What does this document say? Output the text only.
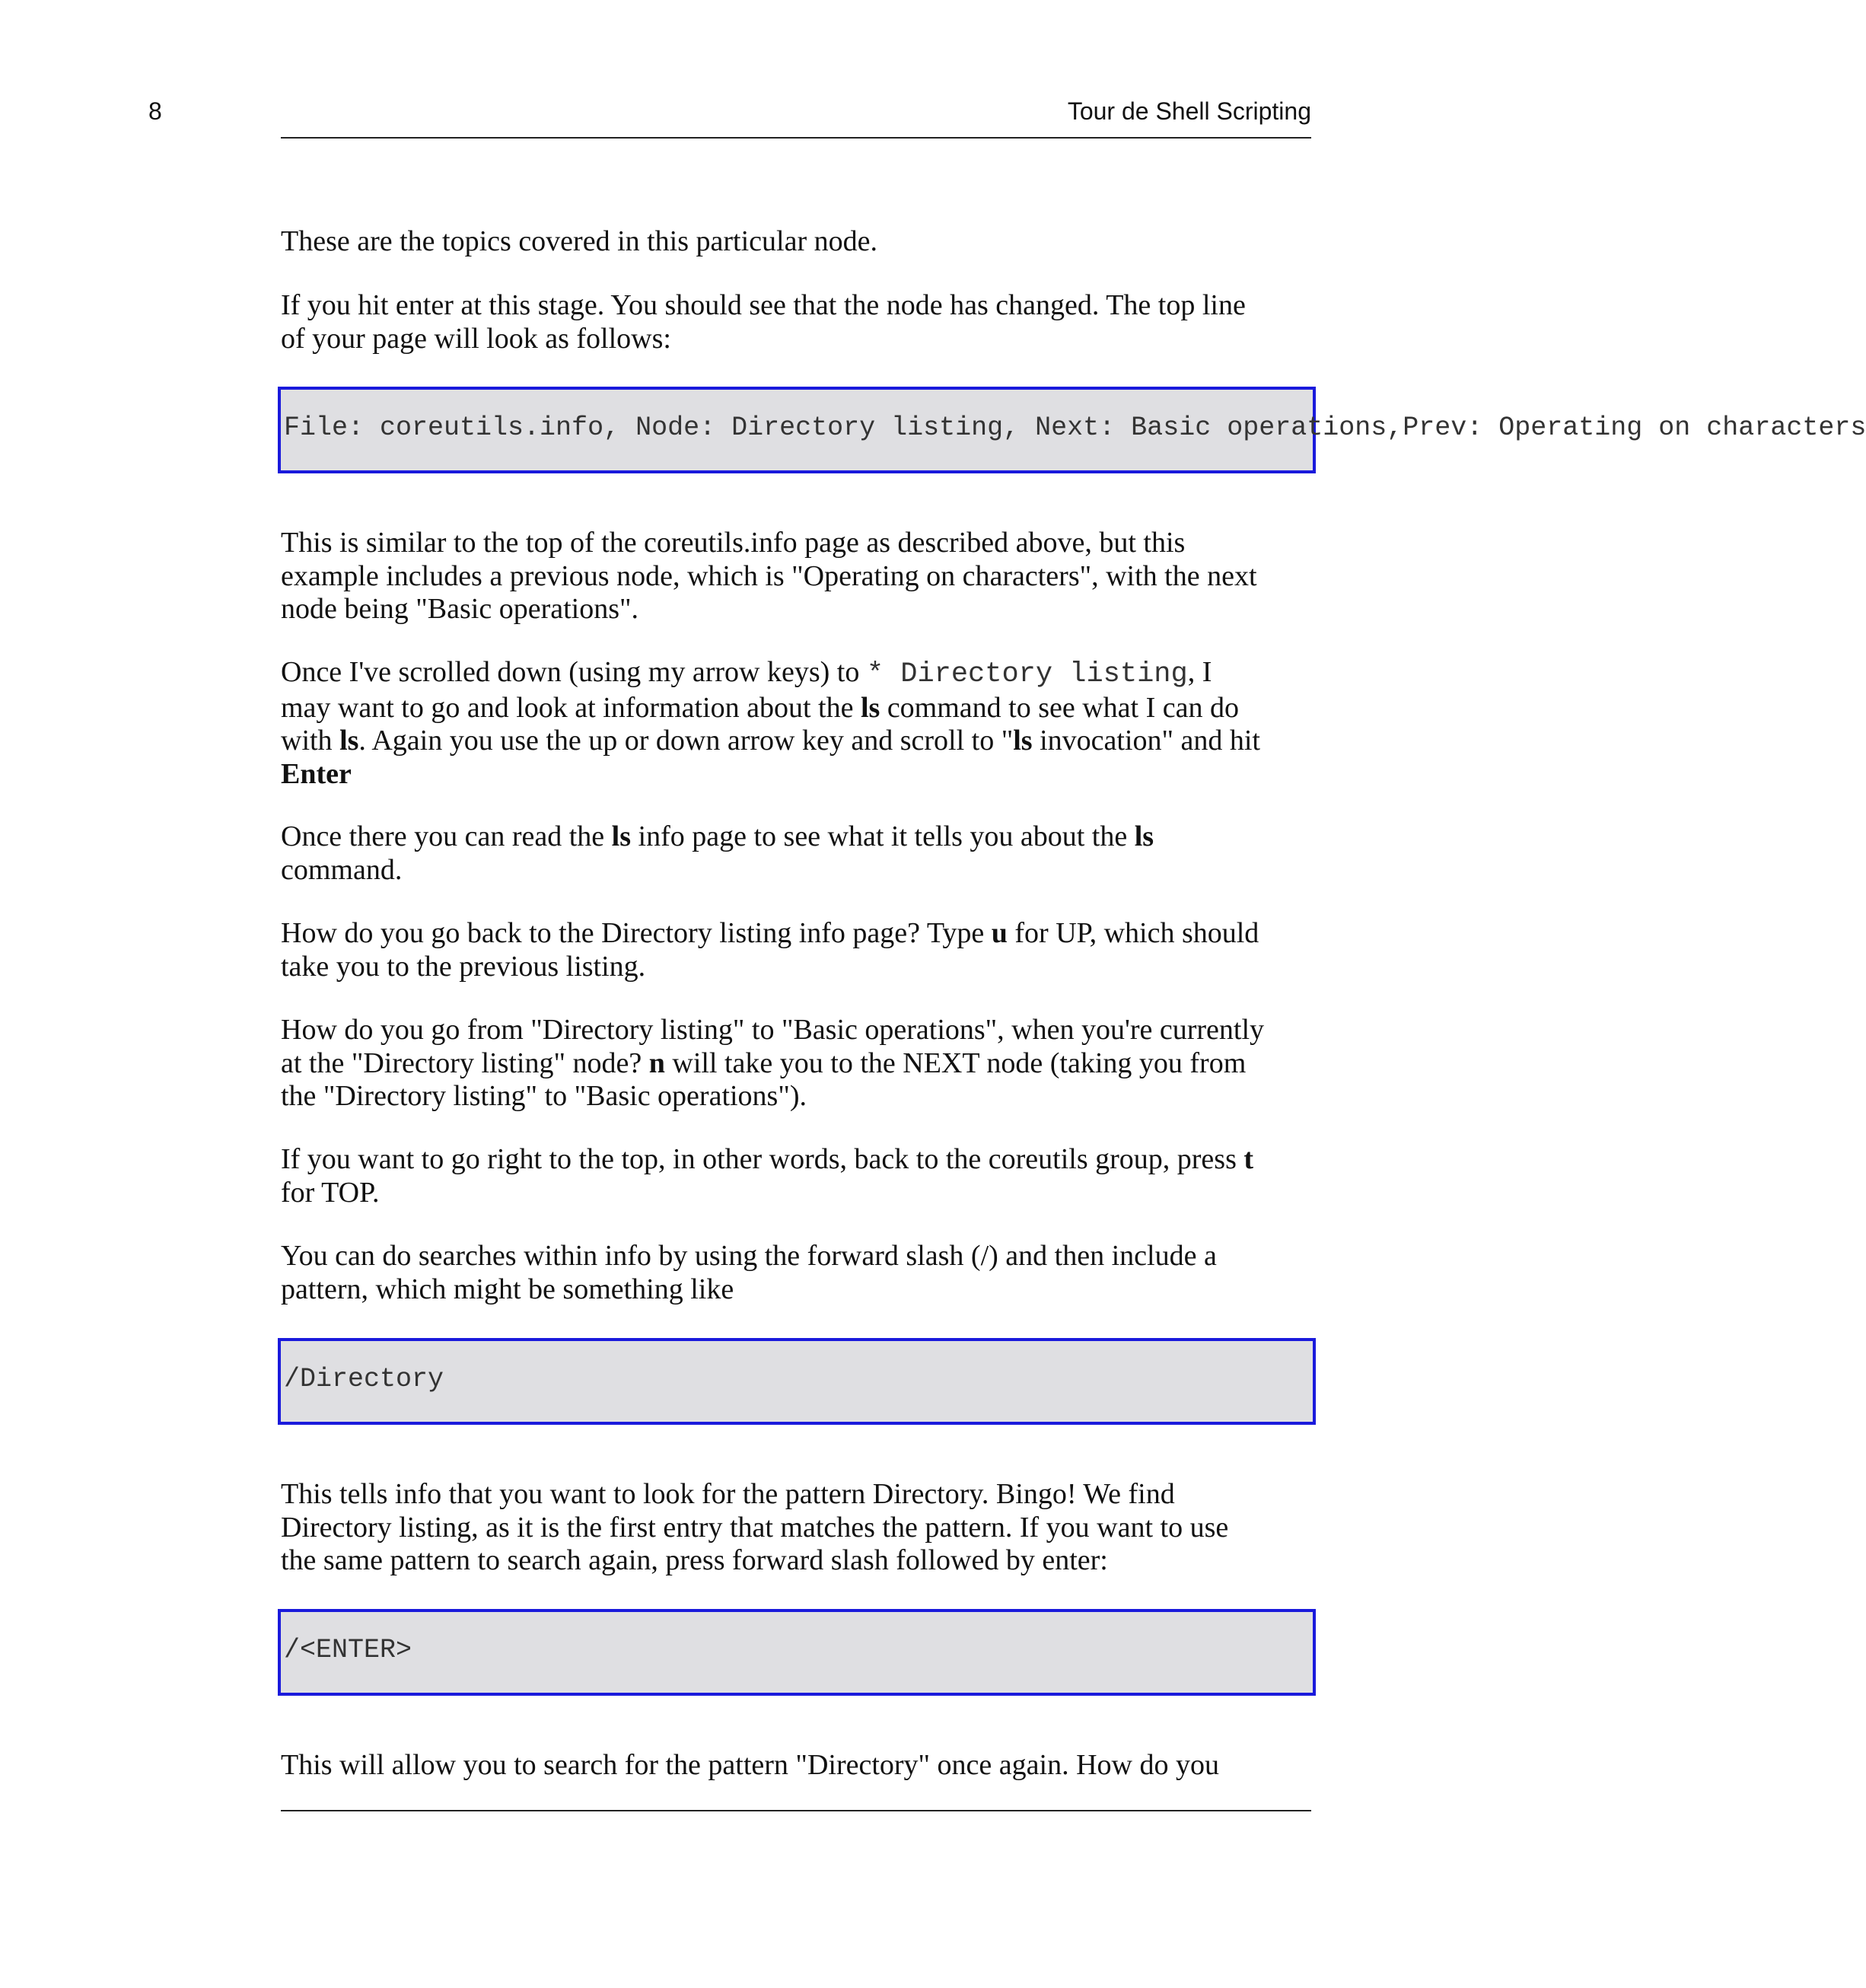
8	Tour de Shell Scripting

These are the topics covered in this particular node.

If you hit enter at this stage. You should see that the node has changed. The top line
of your page will look as follows:

File: coreutils.info, Node: Directory listing, Next: Basic operations,Prev: Operating on characters

This is similar to the top of the coreutils.info page as described above, but this
example includes a previous node, which is "Operating on characters", with the next
node being "Basic operations".

Once I've scrolled down (using my arrow keys) to * Directory listing, I
may want to go and look at information about the ls command to see what I can do
with ls. Again you use the up or down arrow key and scroll to "ls invocation" and hit
Enter

Once there you can read the ls info page to see what it tells you about the ls
command.

How do you go back to the Directory listing info page? Type u for UP, which should
take you to the previous listing.

How do you go from "Directory listing" to "Basic operations", when you're currently
at the "Directory listing" node? n will take you to the NEXT node (taking you from
the "Directory listing" to "Basic operations").

If you want to go right to the top, in other words, back to the coreutils group, press t
for TOP.

You can do searches within info by using the forward slash (/) and then include a
pattern, which might be something like

/Directory

This tells info that you want to look for the pattern Directory. Bingo! We find
Directory listing, as it is the first entry that matches the pattern. If you want to use
the same pattern to search again, press forward slash followed by enter:

/<ENTER>

This will allow you to search for the pattern "Directory" once again. How do you
